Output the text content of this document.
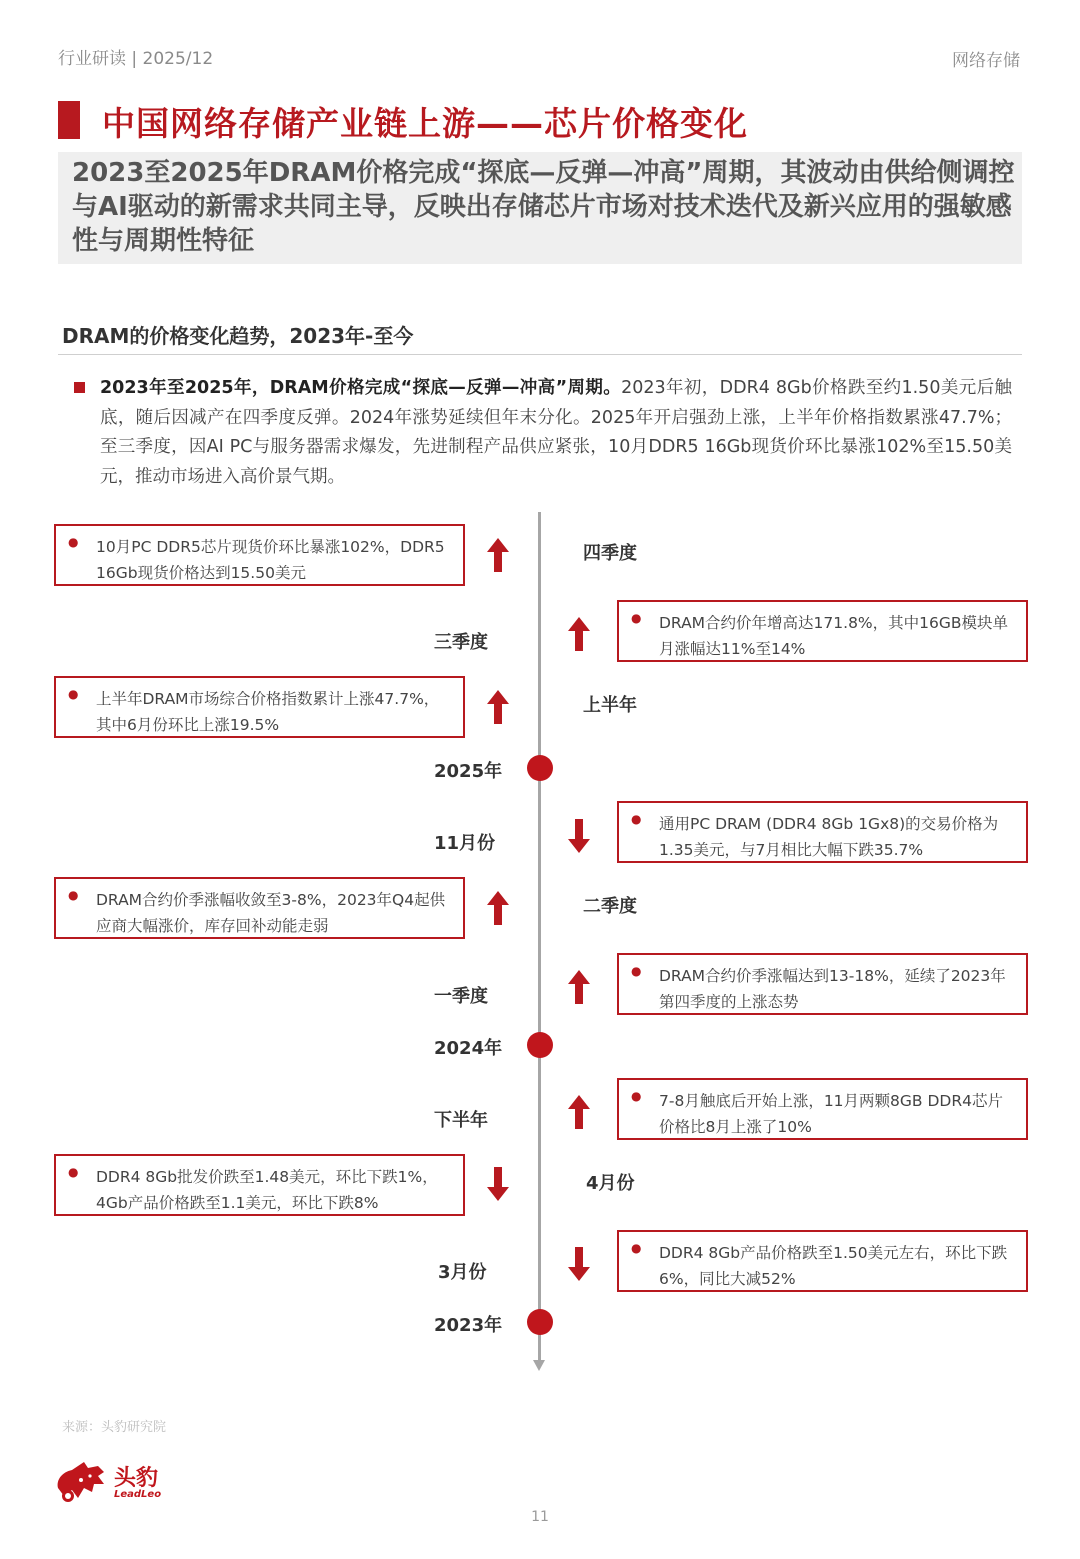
行业研读 | 2025/12	网络存储
中国网络存储产业链上游——芯片价格变化
2023至2025年DRAM价格完成“探底—反弹—冲高”周期，其波动由供给侧调控与AI驱动的新需求共同主导，反映出存储芯片市场对技术迭代及新兴应用的强敏感性与周期性特征
DRAM的价格变化趋势，2023年-至今
2023年至2025年，DRAM价格完成“探底—反弹—冲高”周期。2023年初，DDR4 8Gb价格跌至约1.50美元后触底，随后因减产在四季度反弹。2024年涨势延续但年末分化。2025年开启强劲上涨，上半年价格指数累涨47.7%；至三季度，因AI PC与服务器需求爆发，先进制程产品供应紧张，10月DDR5 16Gb现货价环比暴涨102%至15.50美元，推动市场进入高价景气期。
2025年
2024年
2023年
● 10月PC DDR5芯片现货价环比暴涨102%，DDR5 16Gb现货价格达到15.50美元
四季度
三季度
● DRAM合约价年增高达171.8%，其中16GB模块单月涨幅达11%至14%
● 上半年DRAM市场综合价格指数累计上涨47.7%，其中6月份环比上涨19.5%
上半年
11月份
● 通用PC DRAM (DDR4 8Gb 1Gx8)的交易价格为1.35美元，与7月相比大幅下跌35.7%
● DRAM合约价季涨幅收敛至3-8%，2023年Q4起供应商大幅涨价，库存回补动能走弱
二季度
一季度
● DRAM合约价季涨幅达到13-18%，延续了2023年第四季度的上涨态势
下半年
● 7-8月触底后开始上涨，11月两颗8GB DDR4芯片价格比8月上涨了10%
● DDR4 8Gb批发价跌至1.48美元，环比下跌1%，4Gb产品价格跌至1.1美元，环比下跌8%
4月份
3月份
● DDR4 8Gb产品价格跌至1.50美元左右，环比下跌6%，同比大减52%
来源：头豹研究院
头豹
LeadLeo
11
